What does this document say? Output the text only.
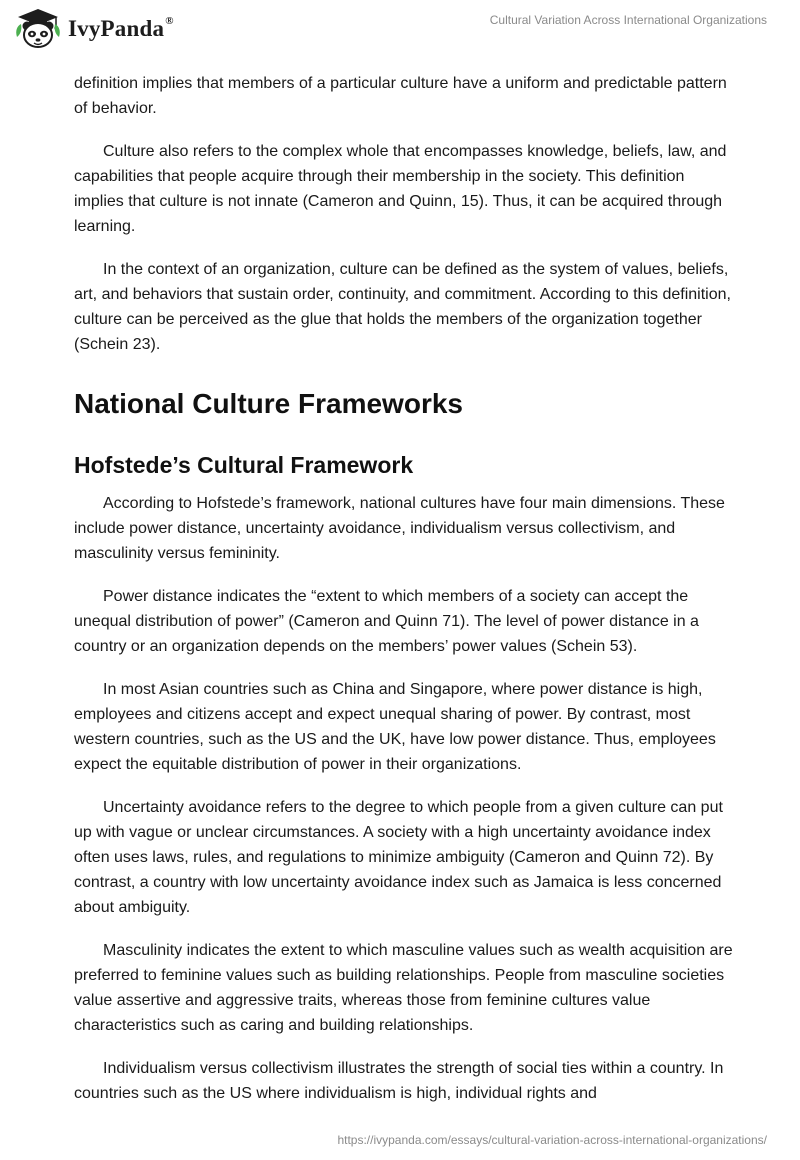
IvyPanda®	Cultural Variation Across International Organizations

definition implies that members of a particular culture have a uniform and predictable pattern of behavior.

Culture also refers to the complex whole that encompasses knowledge, beliefs, law, and capabilities that people acquire through their membership in the society. This definition implies that culture is not innate (Cameron and Quinn, 15). Thus, it can be acquired through learning.

In the context of an organization, culture can be defined as the system of values, beliefs, art, and behaviors that sustain order, continuity, and commitment. According to this definition, culture can be perceived as the glue that holds the members of the organization together (Schein 23).

National Culture Frameworks
Hofstede’s Cultural Framework

According to Hofstede’s framework, national cultures have four main dimensions. These include power distance, uncertainty avoidance, individualism versus collectivism, and masculinity versus femininity.

Power distance indicates the “extent to which members of a society can accept the unequal distribution of power” (Cameron and Quinn 71). The level of power distance in a country or an organization depends on the members’ power values (Schein 53).

In most Asian countries such as China and Singapore, where power distance is high, employees and citizens accept and expect unequal sharing of power. By contrast, most western countries, such as the US and the UK, have low power distance. Thus, employees expect the equitable distribution of power in their organizations.

Uncertainty avoidance refers to the degree to which people from a given culture can put up with vague or unclear circumstances. A society with a high uncertainty avoidance index often uses laws, rules, and regulations to minimize ambiguity (Cameron and Quinn 72). By contrast, a country with low uncertainty avoidance index such as Jamaica is less concerned about ambiguity.

Masculinity indicates the extent to which masculine values such as wealth acquisition are preferred to feminine values such as building relationships. People from masculine societies value assertive and aggressive traits, whereas those from feminine cultures value characteristics such as caring and building relationships.

Individualism versus collectivism illustrates the strength of social ties within a country. In countries such as the US where individualism is high, individual rights and

https://ivypanda.com/essays/cultural-variation-across-international-organizations/
